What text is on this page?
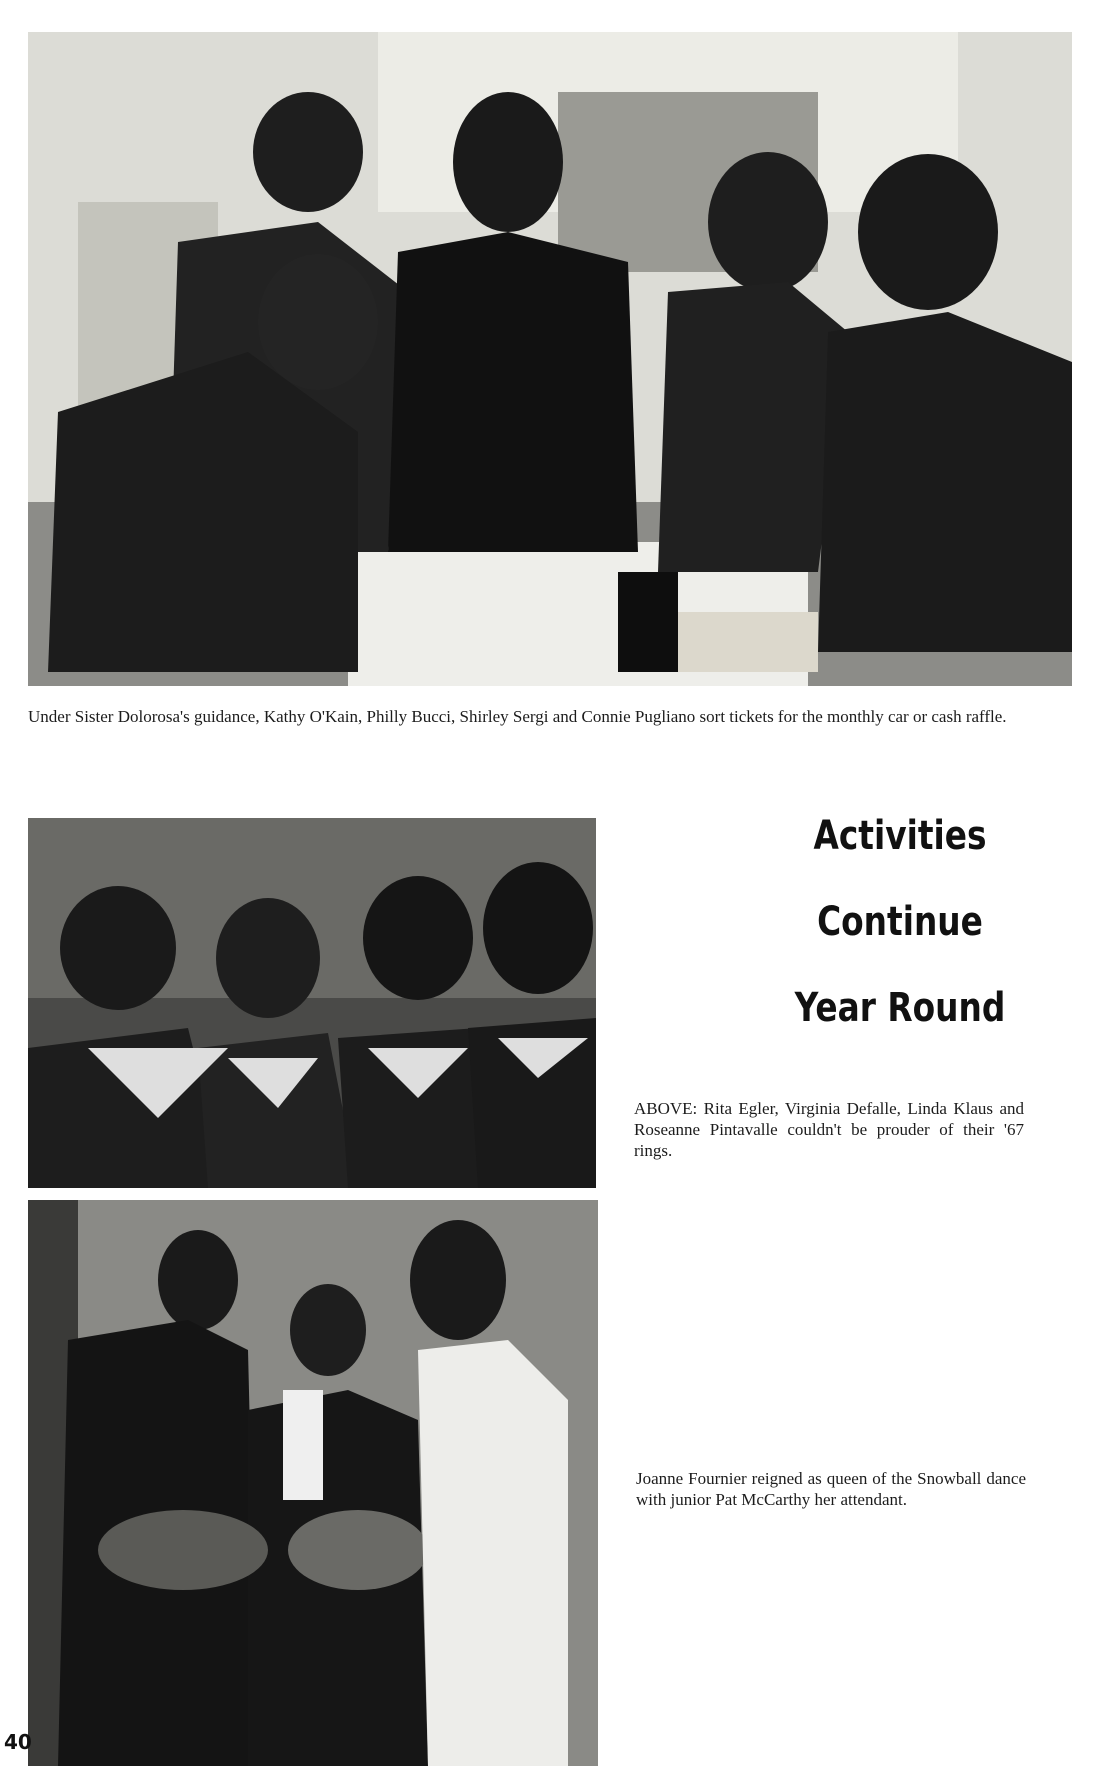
Under Sister Dolorosa's guidance, Kathy O'Kain, Philly Bucci, Shirley Sergi and Connie Pugliano sort tickets for the monthly car or cash raffle.
Activities
Continue
Year Round
ABOVE: Rita Egler, Virginia Defalle, Linda Klaus and Roseanne Pintavalle couldn't be prouder of their '67 rings.
Joanne Fournier reigned as queen of the Snowball dance with junior Pat McCarthy her attendant.
40
